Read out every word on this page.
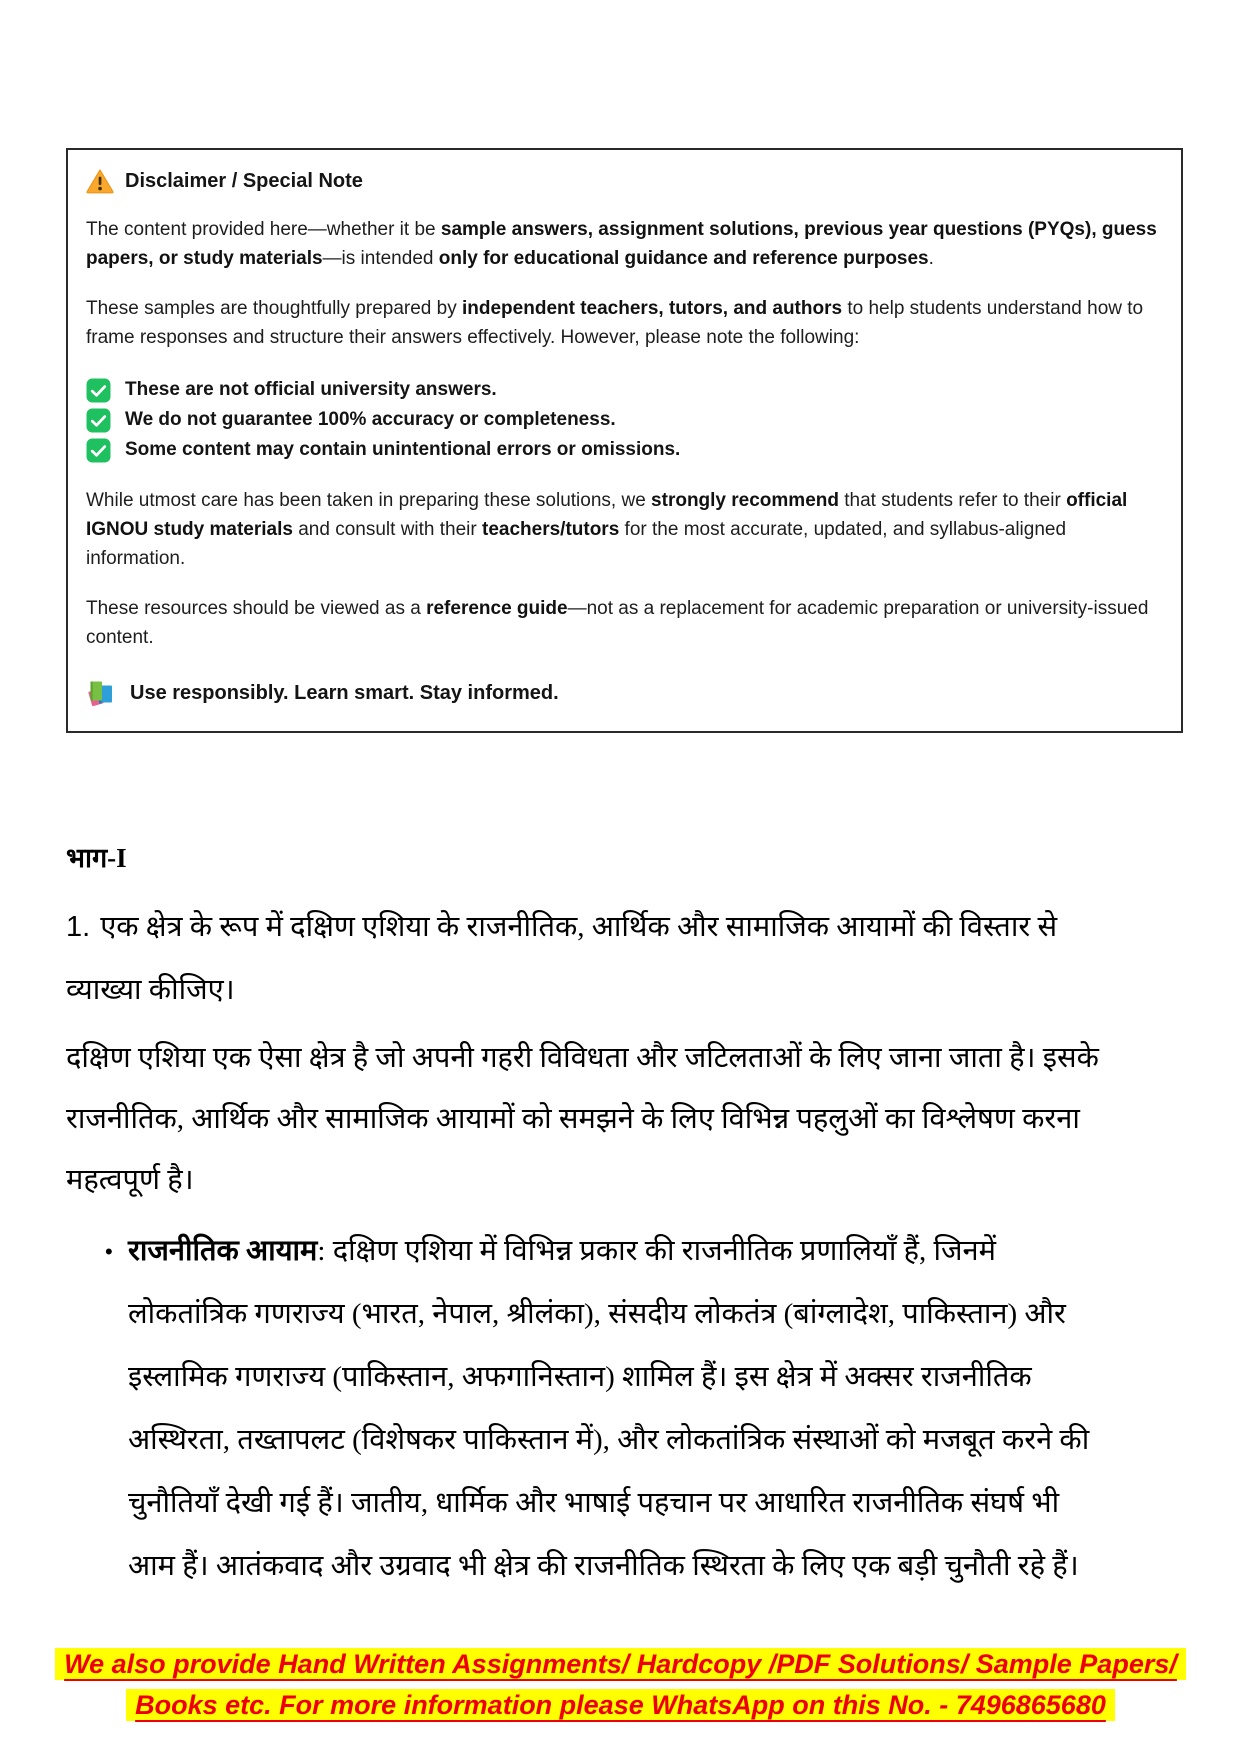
Disclaimer / Special Note

The content provided here—whether it be sample answers, assignment solutions, previous year questions (PYQs), guess papers, or study materials—is intended only for educational guidance and reference purposes.

These samples are thoughtfully prepared by independent teachers, tutors, and authors to help students understand how to frame responses and structure their answers effectively. However, please note the following:

These are not official university answers.
We do not guarantee 100% accuracy or completeness.
Some content may contain unintentional errors or omissions.

While utmost care has been taken in preparing these solutions, we strongly recommend that students refer to their official IGNOU study materials and consult with their teachers/tutors for the most accurate, updated, and syllabus-aligned information.

These resources should be viewed as a reference guide—not as a replacement for academic preparation or university-issued content.

Use responsibly. Learn smart. Stay informed.
भाग-I
1. एक क्षेत्र के रूप में दक्षिण एशिया के राजनीतिक, आर्थिक और सामाजिक आयामों की विस्तार से
व्याख्या कीजिए।
दक्षिण एशिया एक ऐसा क्षेत्र है जो अपनी गहरी विविधता और जटिलताओं के लिए जाना जाता है। इसके
राजनीतिक, आर्थिक और सामाजिक आयामों को समझने के लिए विभिन्न पहलुओं का विश्लेषण करना
महत्वपूर्ण है।
• राजनीतिक आयाम: दक्षिण एशिया में विभिन्न प्रकार की राजनीतिक प्रणालियाँ हैं, जिनमें
लोकतांत्रिक गणराज्य (भारत, नेपाल, श्रीलंका), संसदीय लोकतंत्र (बांग्लादेश, पाकिस्तान) और
इस्लामिक गणराज्य (पाकिस्तान, अफगानिस्तान) शामिल हैं। इस क्षेत्र में अक्सर राजनीतिक
अस्थिरता, तख्तापलट (विशेषकर पाकिस्तान में), और लोकतांत्रिक संस्थाओं को मजबूत करने की
चुनौतियाँ देखी गई हैं। जातीय, धार्मिक और भाषाई पहचान पर आधारित राजनीतिक संघर्ष भी
आम हैं। आतंकवाद और उग्रवाद भी क्षेत्र की राजनीतिक स्थिरता के लिए एक बड़ी चुनौती रहे हैं।
We also provide Hand Written Assignments/ Hardcopy /PDF Solutions/ Sample Papers/
Books etc. For more information please WhatsApp on this No. - 7496865680
